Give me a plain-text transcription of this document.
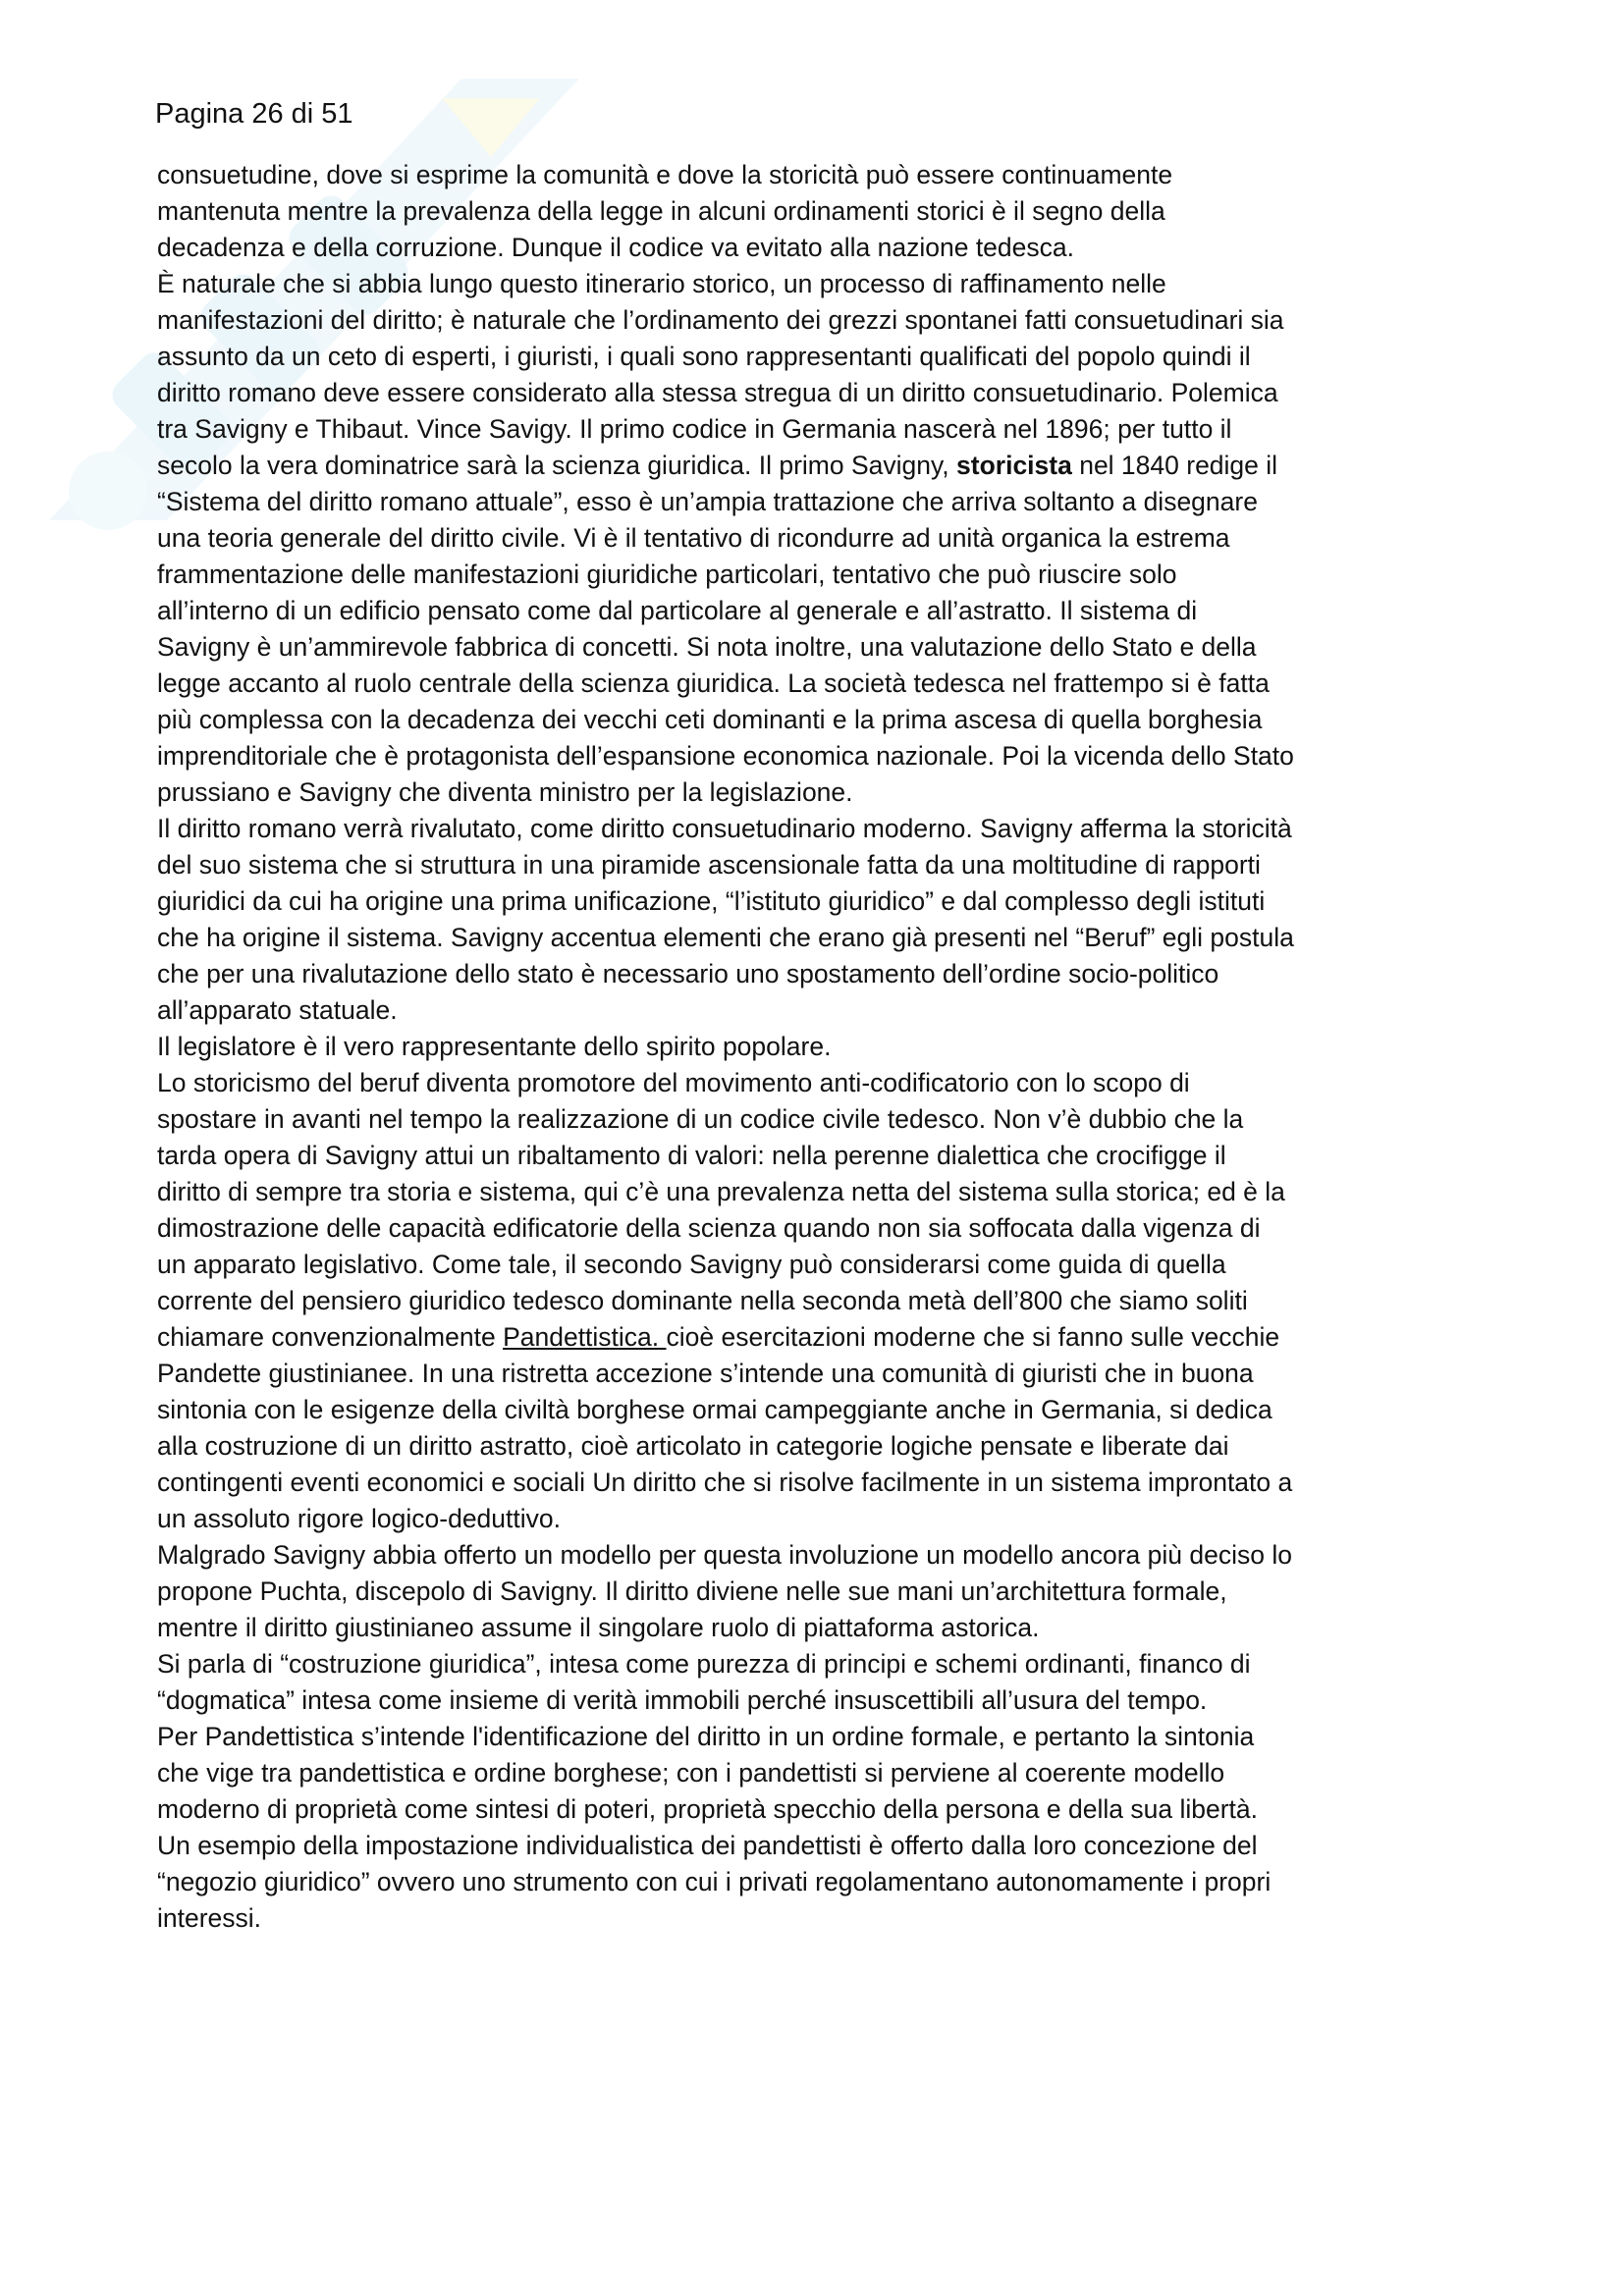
Pagina 26 di 51

consuetudine, dove si esprime la comunità e dove la storicità può essere continuamente
mantenuta mentre la prevalenza della legge in alcuni ordinamenti storici è il segno della
decadenza e della corruzione. Dunque il codice va evitato alla nazione tedesca.

È naturale che si abbia lungo questo itinerario storico, un processo di raffinamento nelle
manifestazioni del diritto; è naturale che l’ordinamento dei grezzi spontanei fatti consuetudinari sia
assunto da un ceto di esperti, i giuristi, i quali sono rappresentanti qualificati del popolo quindi il
diritto romano deve essere considerato alla stessa stregua di un diritto consuetudinario. Polemica
tra Savigny e Thibaut. Vince Savigy. Il primo codice in Germania nascerà nel 1896; per tutto il
secolo la vera dominatrice sarà la scienza giuridica. Il primo Savigny, storicista nel 1840 redige il
“Sistema del diritto romano attuale”, esso è un’ampia trattazione che arriva soltanto a disegnare
una teoria generale del diritto civile. Vi è il tentativo di ricondurre ad unità organica la estrema
frammentazione delle manifestazioni giuridiche particolari, tentativo che può riuscire solo
all’interno di un edificio pensato come dal particolare al generale e all’astratto. Il sistema di
Savigny è un’ammirevole fabbrica di concetti. Si nota inoltre, una valutazione dello Stato e della
legge accanto al ruolo centrale della scienza giuridica. La società tedesca nel frattempo si è fatta
più complessa con la decadenza dei vecchi ceti dominanti e la prima ascesa di quella borghesia
imprenditoriale che è protagonista dell’espansione economica nazionale. Poi la vicenda dello Stato
prussiano e Savigny che diventa ministro per la legislazione.

Il diritto romano verrà rivalutato, come diritto consuetudinario moderno. Savigny afferma la storicità
del suo sistema che si struttura in una piramide ascensionale fatta da una moltitudine di rapporti
giuridici da cui ha origine una prima unificazione, “l’istituto giuridico” e dal complesso degli istituti
che ha origine il sistema. Savigny accentua elementi che erano già presenti nel “Beruf” egli postula
che per una rivalutazione dello stato è necessario uno spostamento dell’ordine socio-politico
all’apparato statuale.

Il legislatore è il vero rappresentante dello spirito popolare.

Lo storicismo del beruf diventa promotore del movimento anti-codificatorio con lo scopo di
spostare in avanti nel tempo la realizzazione di un codice civile tedesco. Non v’è dubbio che la
tarda opera di Savigny attui un ribaltamento di valori: nella perenne dialettica che crocifigge il
diritto di sempre tra storia e sistema, qui c’è una prevalenza netta del sistema sulla storica; ed è la
dimostrazione delle capacità edificatorie della scienza quando non sia soffocata dalla vigenza di
un apparato legislativo. Come tale, il secondo Savigny può considerarsi come guida di quella
corrente del pensiero giuridico tedesco dominante nella seconda metà dell’800 che siamo soliti
chiamare convenzionalmente Pandettistica. cioè esercitazioni moderne che si fanno sulle vecchie
Pandette giustinianee. In una ristretta accezione s’intende una comunità di giuristi che in buona
sintonia con le esigenze della civiltà borghese ormai campeggiante anche in Germania, si dedica
alla costruzione di un diritto astratto, cioè articolato in categorie logiche pensate e liberate dai
contingenti eventi economici e sociali Un diritto che si risolve facilmente in un sistema improntato a
un assoluto rigore logico-deduttivo.

Malgrado Savigny abbia offerto un modello per questa involuzione un modello ancora più deciso lo
propone Puchta, discepolo di Savigny. Il diritto diviene nelle sue mani un’architettura formale,
mentre il diritto giustinianeo assume il singolare ruolo di piattaforma astorica.

Si parla di “costruzione giuridica”, intesa come purezza di principi e schemi ordinanti, financo di
“dogmatica” intesa come insieme di verità immobili perché insuscettibili all’usura del tempo.

Per Pandettistica s’intende l'identificazione del diritto in un ordine formale, e pertanto la sintonia
che vige tra pandettistica e ordine borghese; con i pandettisti si perviene al coerente modello
moderno di proprietà come sintesi di poteri, proprietà specchio della persona e della sua libertà.
Un esempio della impostazione individualistica dei pandettisti è offerto dalla loro concezione del
“negozio giuridico” ovvero uno strumento con cui i privati regolamentano autonomamente i propri
interessi.
